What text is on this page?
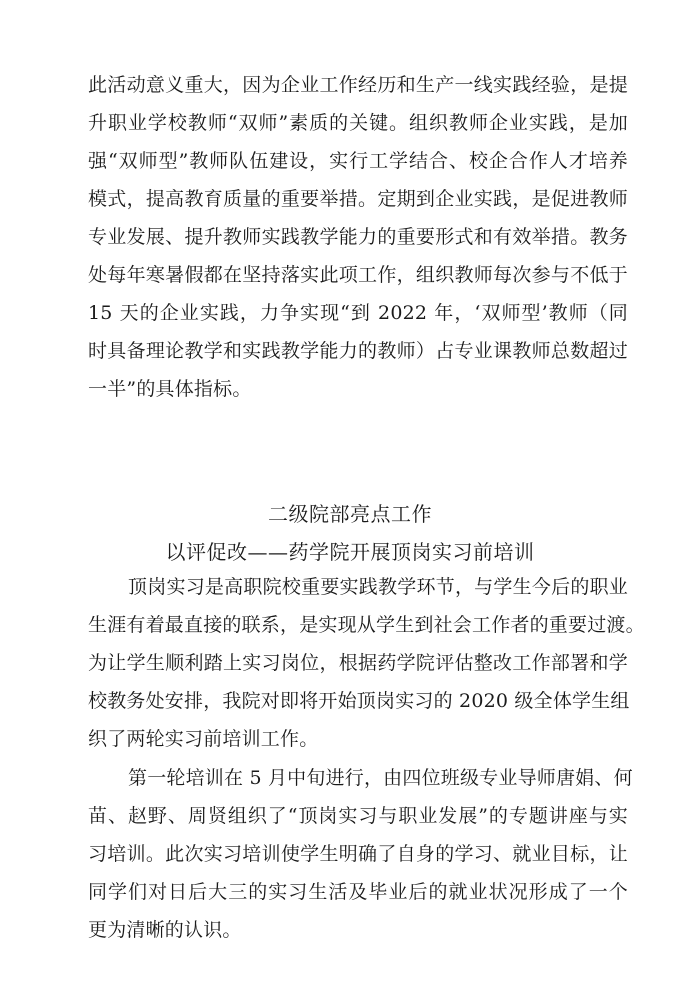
此活动意义重大，因为企业工作经历和生产一线实践经验，是提
升职业学校教师“双师”素质的关键。组织教师企业实践，是加
强“双师型”教师队伍建设，实行工学结合、校企合作人才培养
模式，提高教育质量的重要举措。定期到企业实践，是促进教师
专业发展、提升教师实践教学能力的重要形式和有效举措。教务
处每年寒暑假都在坚持落实此项工作，组织教师每次参与不低于
15 天的企业实践，力争实现“到 2022 年，‘双师型’教师（同
时具备理论教学和实践教学能力的教师）占专业课教师总数超过
一半”的具体指标。
二级院部亮点工作
以评促改——药学院开展顶岗实习前培训
顶岗实习是高职院校重要实践教学环节，与学生今后的职业
生涯有着最直接的联系，是实现从学生到社会工作者的重要过渡。
为让学生顺利踏上实习岗位，根据药学院评估整改工作部署和学
校教务处安排，我院对即将开始顶岗实习的 2020 级全体学生组
织了两轮实习前培训工作。
第一轮培训在 5 月中旬进行，由四位班级专业导师唐娟、何
苗、赵野、周贤组织了“顶岗实习与职业发展”的专题讲座与实
习培训。此次实习培训使学生明确了自身的学习、就业目标，让
同学们对日后大三的实习生活及毕业后的就业状况形成了一个
更为清晰的认识。
